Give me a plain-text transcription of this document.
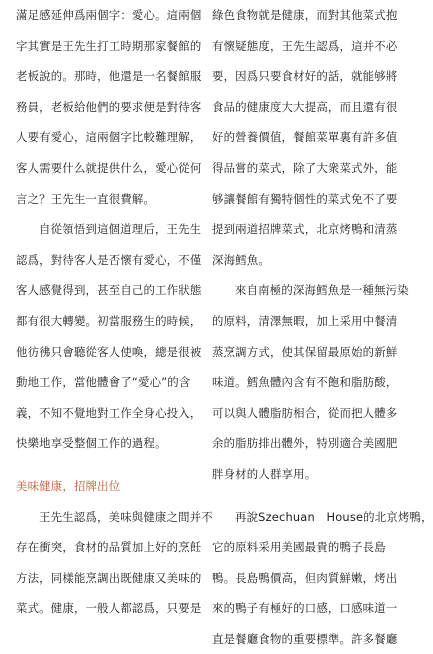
滿足感延伸爲兩個字：愛心。這兩個
字其實是王先生打工時期那家餐館的
老板說的。那時，他還是一名餐館服
務員，老板給他們的要求便是對待客
人要有愛心，這兩個字比較難理解，
客人需要什么就提供什么，愛心從何
言之？王先生一直很費解。
自從領悟到這個道理后，王先生
認爲，對待客人是否懷有愛心，不僅
客人感覺得到，甚至自己的工作狀態
都有很大轉變。初當服務生的時候，
他彷彿只會聽從客人使喚，總是很被
動地工作，當他體會了“愛心”的含
義，不知不覺地對工作全身心投入，
快樂地享受整個工作的過程。
美味健康，招牌出位
王先生認爲，美味與健康之間并不
存在衝突，食材的品質加上好的烹飪
方法，同樣能烹調出既健康又美味的
菜式。健康，一般人都認爲，只要是
綠色食物就是健康，而對其他菜式抱
有懷疑態度，王先生認爲，這并不必
要，因爲只要食材好的話，就能够將
食品的健康度大大提高，而且還有很
好的營養價值，餐館菜單裏有許多值
得品嘗的菜式，除了大衆菜式外，能
够讓餐館有獨特個性的菜式免不了要
提到兩道招牌菜式，北京烤鴨和清蒸
深海鱈魚。
來自南極的深海鱈魚是一種無污染
的原料，清澤無暇，加上采用中餐清
蒸烹調方式，使其保留最原始的新鮮
味道。鱈魚體內含有不飽和脂肪酸，
可以與人體脂肪相合，從而把人體多
余的脂肪排出體外，特別適合美國肥
胖身材的人群享用。
再說Szechuan　House的北京烤鴨，
它的原料采用美國最貴的鴨子長島
鴨。長島鴨價高，但肉質鮮嫩，烤出
來的鴨子有極好的口感，口感味道一
直是餐廳食物的重要標準。許多餐廳
